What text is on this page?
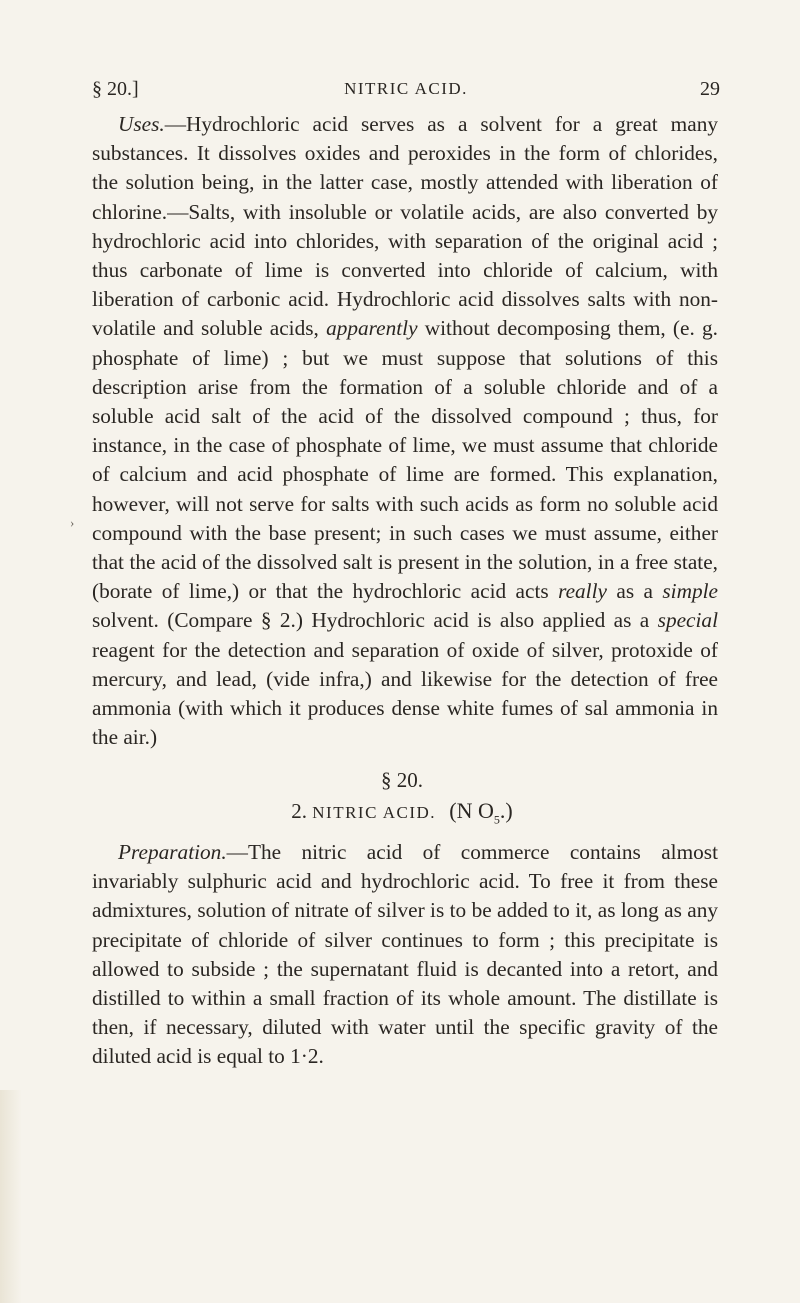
§ 20.]	NITRIC ACID.	29
›

Uses.—Hydrochloric acid serves as a solvent for a great many substances. It dissolves oxides and peroxides in the form of chlorides, the solution being, in the latter case, mostly attended with liberation of chlorine.—Salts, with insoluble or volatile acids, are also converted by hydrochloric acid into chlorides, with separation of the original acid ; thus carbonate of lime is converted into chloride of calcium, with liberation of carbonic acid. Hydrochloric acid dissolves salts with non-volatile and soluble acids, apparently without decomposing them, (e. g. phosphate of lime) ; but we must suppose that solutions of this description arise from the formation of a soluble chloride and of a soluble acid salt of the acid of the dissolved compound ; thus, for instance, in the case of phosphate of lime, we must assume that chloride of calcium and acid phosphate of lime are formed. This explanation, however, will not serve for salts with such acids as form no soluble acid compound with the base present; in such cases we must assume, either that the acid of the dissolved salt is present in the solution, in a free state, (borate of lime,) or that the hydrochloric acid acts really as a simple solvent. (Compare § 2.) Hydrochloric acid is also applied as a special reagent for the detection and separation of oxide of silver, protoxide of mercury, and lead, (vide infra,) and likewise for the detection of free ammonia (with which it produces dense white fumes of sal ammonia in the air.)

§ 20.
2. NITRIC ACID. (N $O_5$.)

Preparation.—The nitric acid of commerce contains almost invariably sulphuric acid and hydrochloric acid. To free it from these admixtures, solution of nitrate of silver is to be added to it, as long as any precipitate of chloride of silver continues to form ; this precipitate is allowed to subside ; the supernatant fluid is decanted into a retort, and distilled to within a small fraction of its whole amount. The distillate is then, if necessary, diluted with water until the specific gravity of the diluted acid is equal to 1·2.
